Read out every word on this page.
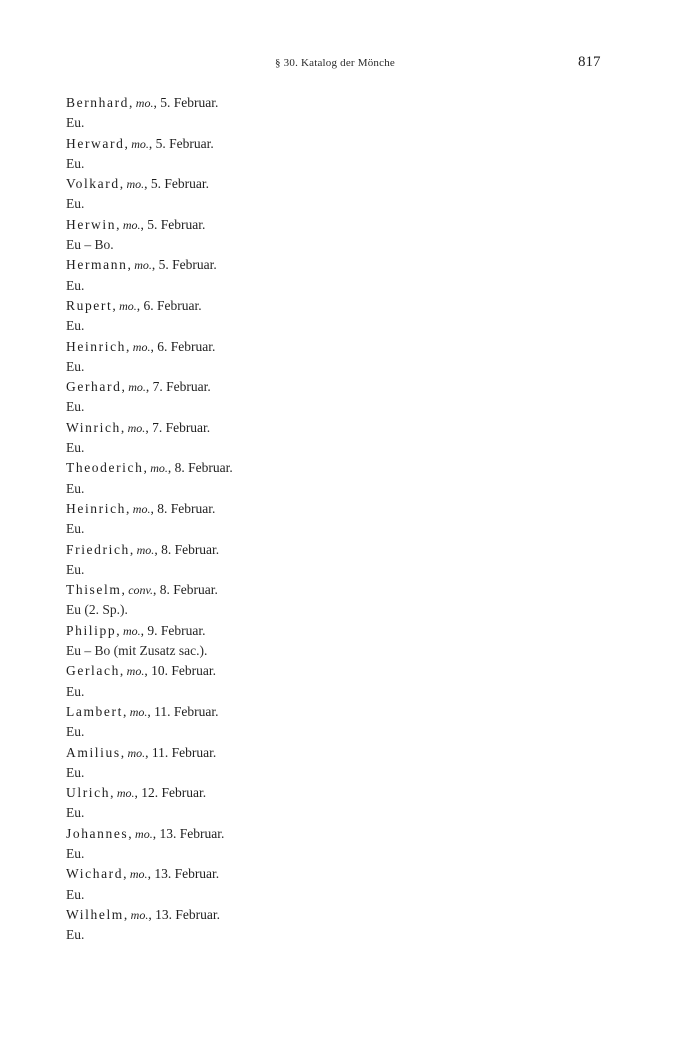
§ 30. Katalog der Mönche	817
Bernhard, mo., 5. Februar.
Eu.
Herward, mo., 5. Februar.
Eu.
Volkard, mo., 5. Februar.
Eu.
Herwin, mo., 5. Februar.
Eu – Bo.
Hermann, mo., 5. Februar.
Eu.
Rupert, mo., 6. Februar.
Eu.
Heinrich, mo., 6. Februar.
Eu.
Gerhard, mo., 7. Februar.
Eu.
Winrich, mo., 7. Februar.
Eu.
Theoderich, mo., 8. Februar.
Eu.
Heinrich, mo., 8. Februar.
Eu.
Friedrich, mo., 8. Februar.
Eu.
Thiselm, conv., 8. Februar.
Eu (2. Sp.).
Philipp, mo., 9. Februar.
Eu – Bo (mit Zusatz sac.).
Gerlach, mo., 10. Februar.
Eu.
Lambert, mo., 11. Februar.
Eu.
Amilius, mo., 11. Februar.
Eu.
Ulrich, mo., 12. Februar.
Eu.
Johannes, mo., 13. Februar.
Eu.
Wichard, mo., 13. Februar.
Eu.
Wilhelm, mo., 13. Februar.
Eu.
